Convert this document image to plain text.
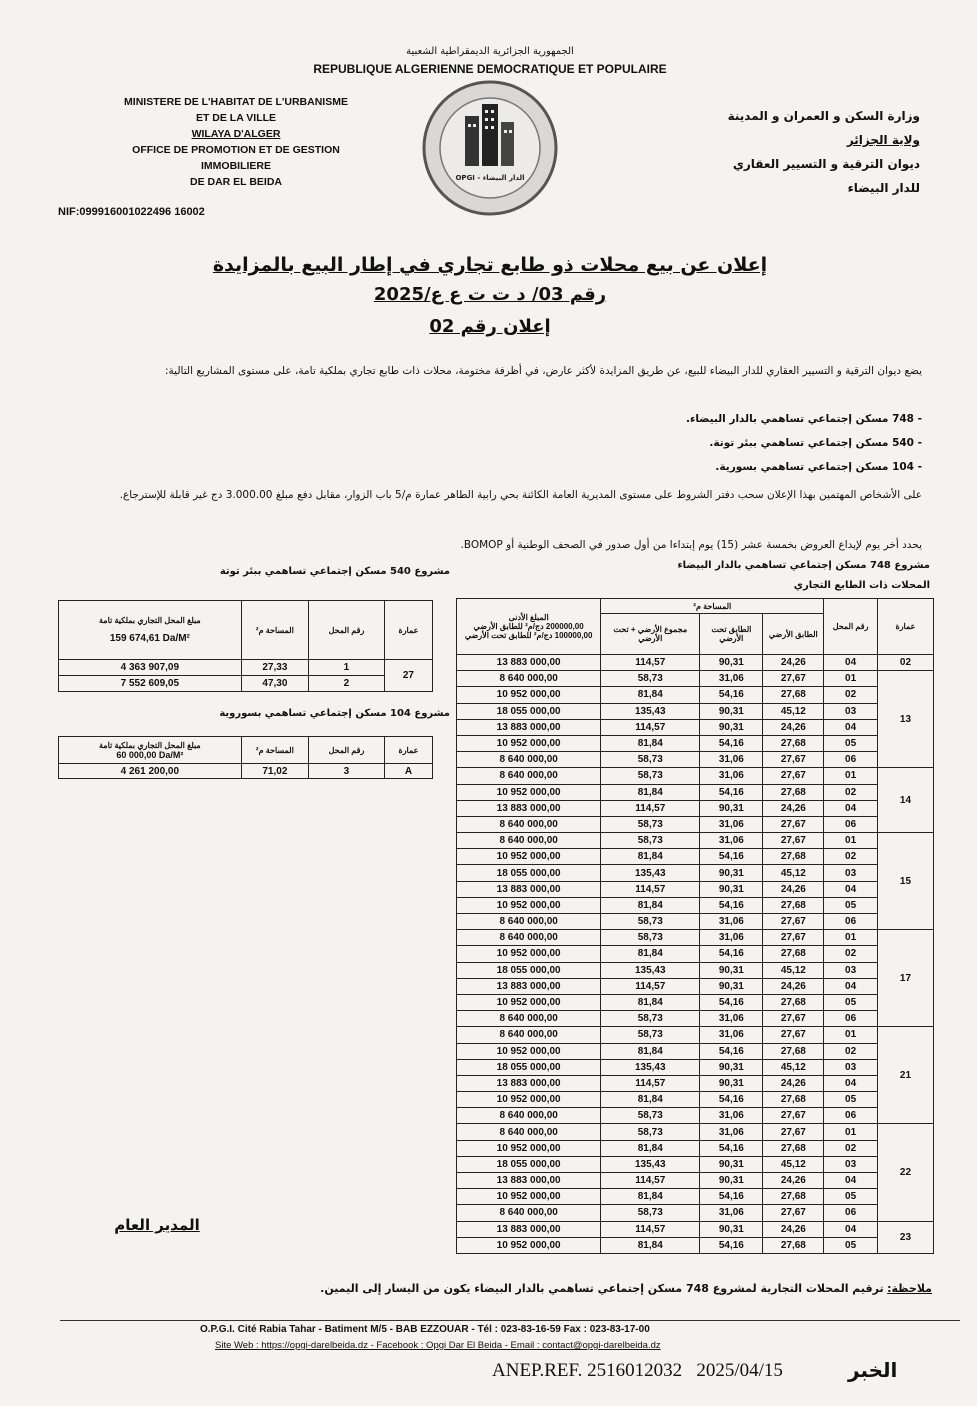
الجمهورية الجزائرية الديمقراطية الشعبية
REPUBLIQUE ALGERIENNE DEMOCRATIQUE ET POPULAIRE
MINISTERE DE L'HABITAT DE L'URBANISME
ET DE LA VILLE
WILAYA D'ALGER
OFFICE DE PROMOTION ET DE GESTION
IMMOBILIERE
DE DAR EL BEIDA
NIF:099916001022496 16002
وزارة السكن و العمران و المدينة
ولاية الجزائر
ديوان الترقية و التسيير العقاري
للدار البيضاء
OPGI - الدار البيضاء
إعلان عن بيع محلات ذو طابع تجاري في إطار البيع بالمزايدة
رقم 03/ د ت ت ع ع/2025
إعلان رقم 02
يضع ديوان الترقية و التسيير العقاري للدار البيضاء للبيع، عن طريق المزايدة لأكثر عارض، في أظرفة مختومة، محلات ذات طابع تجاري بملكية تامة، على مستوى المشاريع التالية:
- 748 مسكن إجتماعي تساهمي بالدار البيضاء.
- 540 مسكن إجتماعي تساهمي ببئر توتة.
- 104 مسكن إجتماعي تساهمي بسورية.
على الأشخاص المهتمين بهذا الإعلان سحب دفتر الشروط على مستوى المديرية العامة الكائنة بحي رابية الطاهر عمارة م/5 باب الزوار، مقابل دفع مبلغ 3.000.00 دج غير قابلة للإسترجاع.
يحدد أخر يوم لإيداع العروض بخمسة عشر (15) يوم إبتداءا من أول صدور في الصحف الوطنية أو BOMOP.
مشروع 748 مسكن إجتماعي تساهمي بالدار البيضاء
المحلات ذات الطابع التجاري
مشروع 540 مسكن إجتماعي تساهمي ببئر توتة
مشروع 104 مسكن إجتماعي تساهمي بسوروية
المبلغ الأدنى
200000,00 دج/م² للطابق الأرضي
100000,00 دج/م² للطابق تحت الأرضي	المساحة م²			رقم المحل	عمارة
	مجموع الأرضي + تحت الأرضي	الطابق تحت الأرضي	الطابق الأرضي		
13 883 000,00	114,57	90,31	24,26	04	02
8 640 000,00	58,73	31,06	27,67	01	13
10 952 000,00	81,84	54,16	27,68	02	
18 055 000,00	135,43	90,31	45,12	03	
13 883 000,00	114,57	90,31	24,26	04	
10 952 000,00	81,84	54,16	27,68	05	
8 640 000,00	58,73	31,06	27,67	06	
8 640 000,00	58,73	31,06	27,67	01	14
10 952 000,00	81,84	54,16	27,68	02	
13 883 000,00	114,57	90,31	24,26	04	
8 640 000,00	58,73	31,06	27,67	06	
8 640 000,00	58,73	31,06	27,67	01	15
10 952 000,00	81,84	54,16	27,68	02	
18 055 000,00	135,43	90,31	45,12	03	
13 883 000,00	114,57	90,31	24,26	04	
10 952 000,00	81,84	54,16	27,68	05	
8 640 000,00	58,73	31,06	27,67	06	
8 640 000,00	58,73	31,06	27,67	01	17
10 952 000,00	81,84	54,16	27,68	02	
18 055 000,00	135,43	90,31	45,12	03	
13 883 000,00	114,57	90,31	24,26	04	
10 952 000,00	81,84	54,16	27,68	05	
8 640 000,00	58,73	31,06	27,67	06	
8 640 000,00	58,73	31,06	27,67	01	21
10 952 000,00	81,84	54,16	27,68	02	
18 055 000,00	135,43	90,31	45,12	03	
13 883 000,00	114,57	90,31	24,26	04	
10 952 000,00	81,84	54,16	27,68	05	
8 640 000,00	58,73	31,06	27,67	06	
8 640 000,00	58,73	31,06	27,67	01	22
10 952 000,00	81,84	54,16	27,68	02	
18 055 000,00	135,43	90,31	45,12	03	
13 883 000,00	114,57	90,31	24,26	04	
10 952 000,00	81,84	54,16	27,68	05	
8 640 000,00	58,73	31,06	27,67	06	
13 883 000,00	114,57	90,31	24,26	04	23
10 952 000,00	81,84	54,16	27,68	05	
مبلغ المحل التجاري بملكية تامة
159 674,61 Da/M²	المساحة م²	رقم المحل	عمارة
4 363 907,09	27,33	1	27
7 552 609,05	47,30	2	
مبلغ المحل التجاري بملكية تامة
60 000,00 Da/M²	المساحة م²	رقم المحل	عمارة
4 261 200,00	71,02	3	A
المدير العام
ملاحظة: ترقيم المحلات التجارية لمشروع 748 مسكن إجتماعي تساهمي بالدار البيضاء يكون من اليسار إلى اليمين.
O.P.G.I. Cité Rabia Tahar - Batiment M/5 - BAB EZZOUAR - Tél : 023-83-16-59 Fax : 023-83-17-00
Site Web : https://opgi-darelbeida.dz - Facebook : Opgi Dar El Beida - Email : contact@opgi-darelbeida.dz
ANEP.REF. 2516012032 2025/04/15	الخبر
